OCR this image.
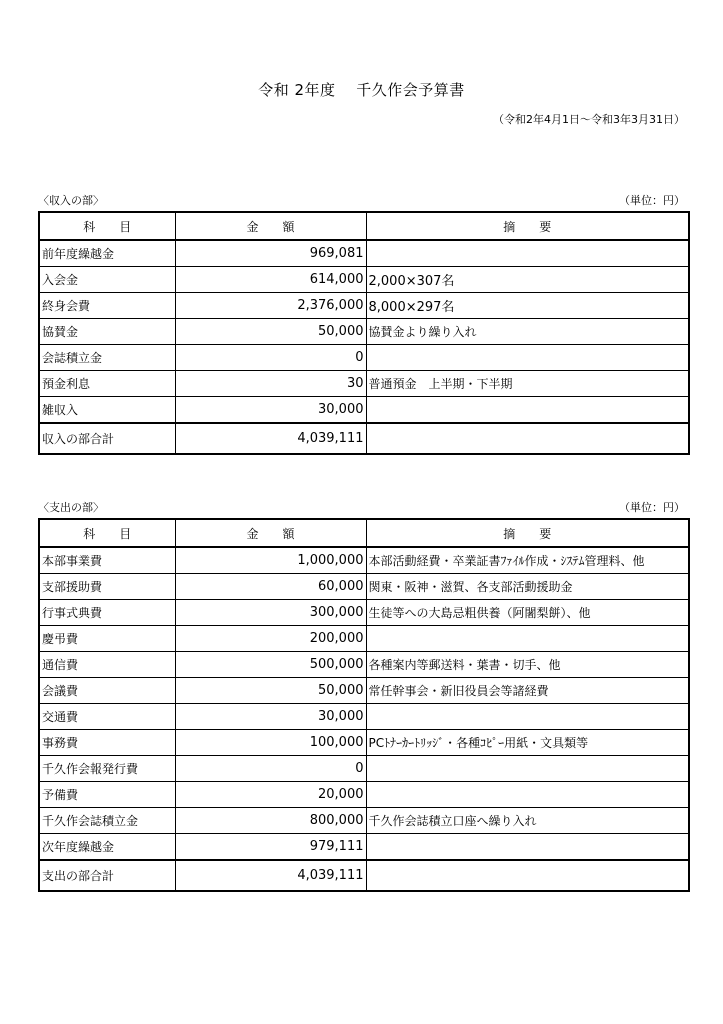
令和 2年度　 千久作会予算書
（令和2年4月1日～令和3年3月31日）
〈収入の部〉	（単位：円）
科　　目	金　　額	摘　　要
前年度繰越金	969,081	
入会金	614,000	2,000×307名
終身会費	2,376,000	8,000×297名
協賛金	50,000	協賛金より繰り入れ
会誌積立金	0	
預金利息	30	普通預金　上半期・下半期
雑収入	30,000	
収入の部合計	4,039,111	
〈支出の部〉	（単位：円）
科　　目	金　　額	摘　　要
本部事業費	1,000,000	本部活動経費・卒業証書ﾌｧｲﾙ作成・ｼｽﾃﾑ管理料、他
支部援助費	60,000	関東・阪神・滋賀、各支部活動援助金
行事式典費	300,000	生徒等への大島忌粗供養（阿闍梨餅）、他
慶弔費	200,000	
通信費	500,000	各種案内等郵送料・葉書・切手、他
会議費	50,000	常任幹事会・新旧役員会等諸経費
交通費	30,000	
事務費	100,000	PCﾄﾅｰｶｰﾄﾘｯｼﾞ・各種ｺﾋﾟｰ用紙・文具類等
千久作会報発行費	0	
予備費	20,000	
千久作会誌積立金	800,000	千久作会誌積立口座へ繰り入れ
次年度繰越金	979,111	
支出の部合計	4,039,111	
